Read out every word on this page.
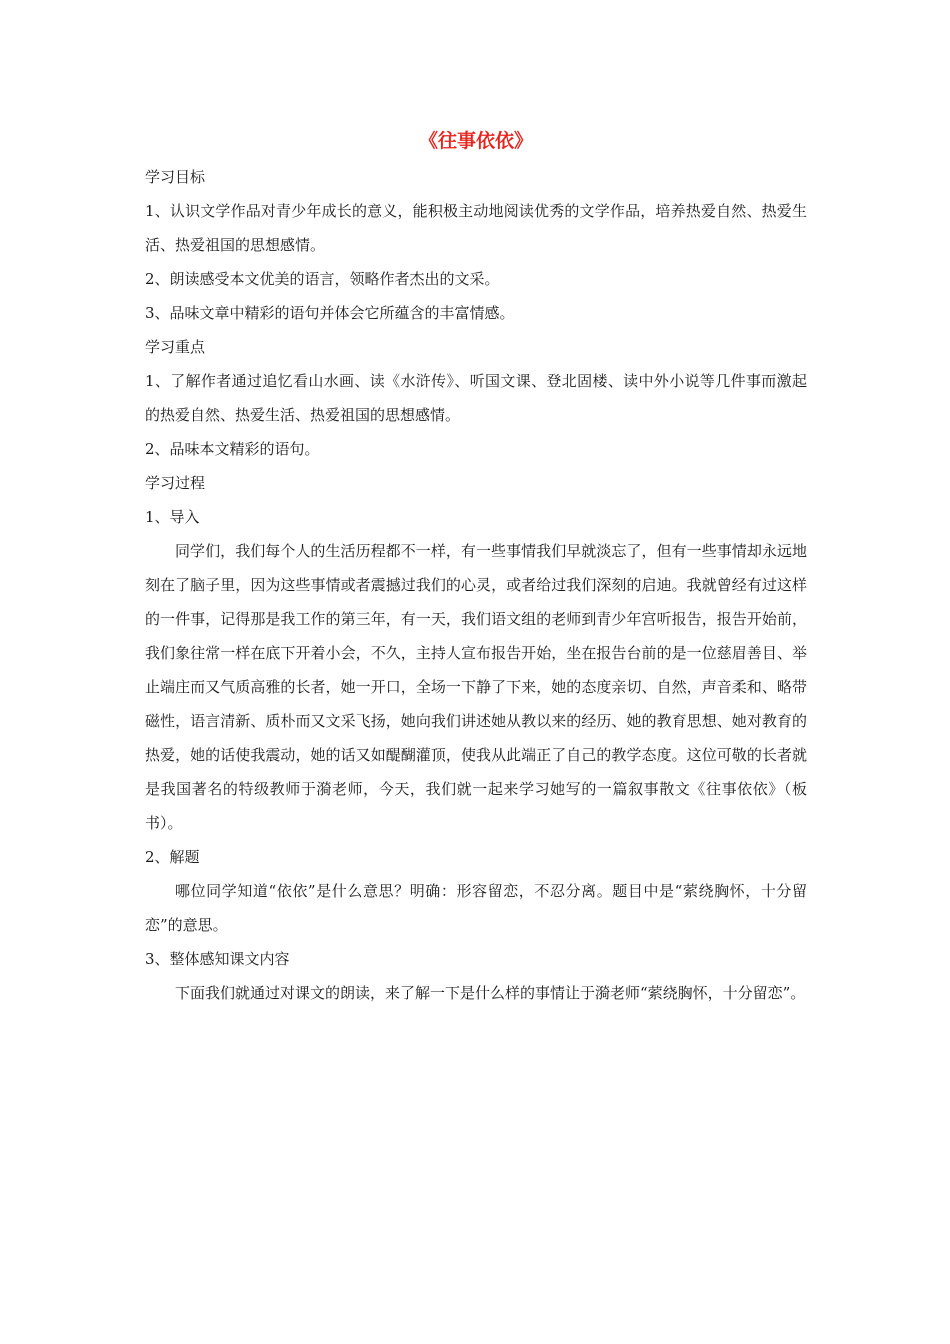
《往事依依》
学习目标
1、认识文学作品对青少年成长的意义，能积极主动地阅读优秀的文学作品，培养热爱自然、热爱生活、热爱祖国的思想感情。
2、朗读感受本文优美的语言，领略作者杰出的文采。
3、品味文章中精彩的语句并体会它所蕴含的丰富情感。
学习重点
1、了解作者通过追忆看山水画、读《水浒传》、听国文课、登北固楼、读中外小说等几件事而激起的热爱自然、热爱生活、热爱祖国的思想感情。
2、品味本文精彩的语句。
学习过程
1、导入
同学们，我们每个人的生活历程都不一样，有一些事情我们早就淡忘了，但有一些事情却永远地刻在了脑子里，因为这些事情或者震撼过我们的心灵，或者给过我们深刻的启迪。我就曾经有过这样的一件事，记得那是我工作的第三年，有一天，我们语文组的老师到青少年宫听报告，报告开始前，我们象往常一样在底下开着小会，不久，主持人宣布报告开始，坐在报告台前的是一位慈眉善目、举止端庄而又气质高雅的长者，她一开口，全场一下静了下来，她的态度亲切、自然，声音柔和、略带磁性，语言清新、质朴而又文采飞扬，她向我们讲述她从教以来的经历、她的教育思想、她对教育的热爱，她的话使我震动，她的话又如醍醐灌顶，使我从此端正了自己的教学态度。这位可敬的长者就是我国著名的特级教师于漪老师，今天，我们就一起来学习她写的一篇叙事散文《往事依依》（板书）。
2、解题
哪位同学知道“依依”是什么意思？明确：形容留恋，不忍分离。题目中是“萦绕胸怀，十分留恋”的意思。
3、整体感知课文内容
下面我们就通过对课文的朗读，来了解一下是什么样的事情让于漪老师“萦绕胸怀，十分留恋”。
